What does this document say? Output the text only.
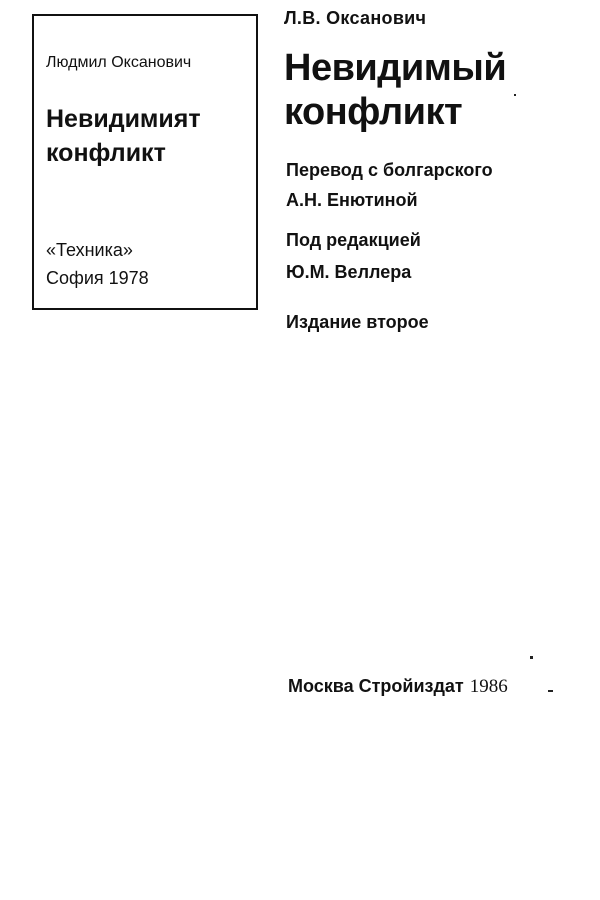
Людмил Оксанович
Невидимият
конфликт
«Техника»
София 1978
Л.В. Оксанович
Невидимый
конфликт
Перевод с болгарского
А.Н. Енютиной
Под редакцией
Ю.М. Веллера
Издание второе
Москва Стройиздат 1986
